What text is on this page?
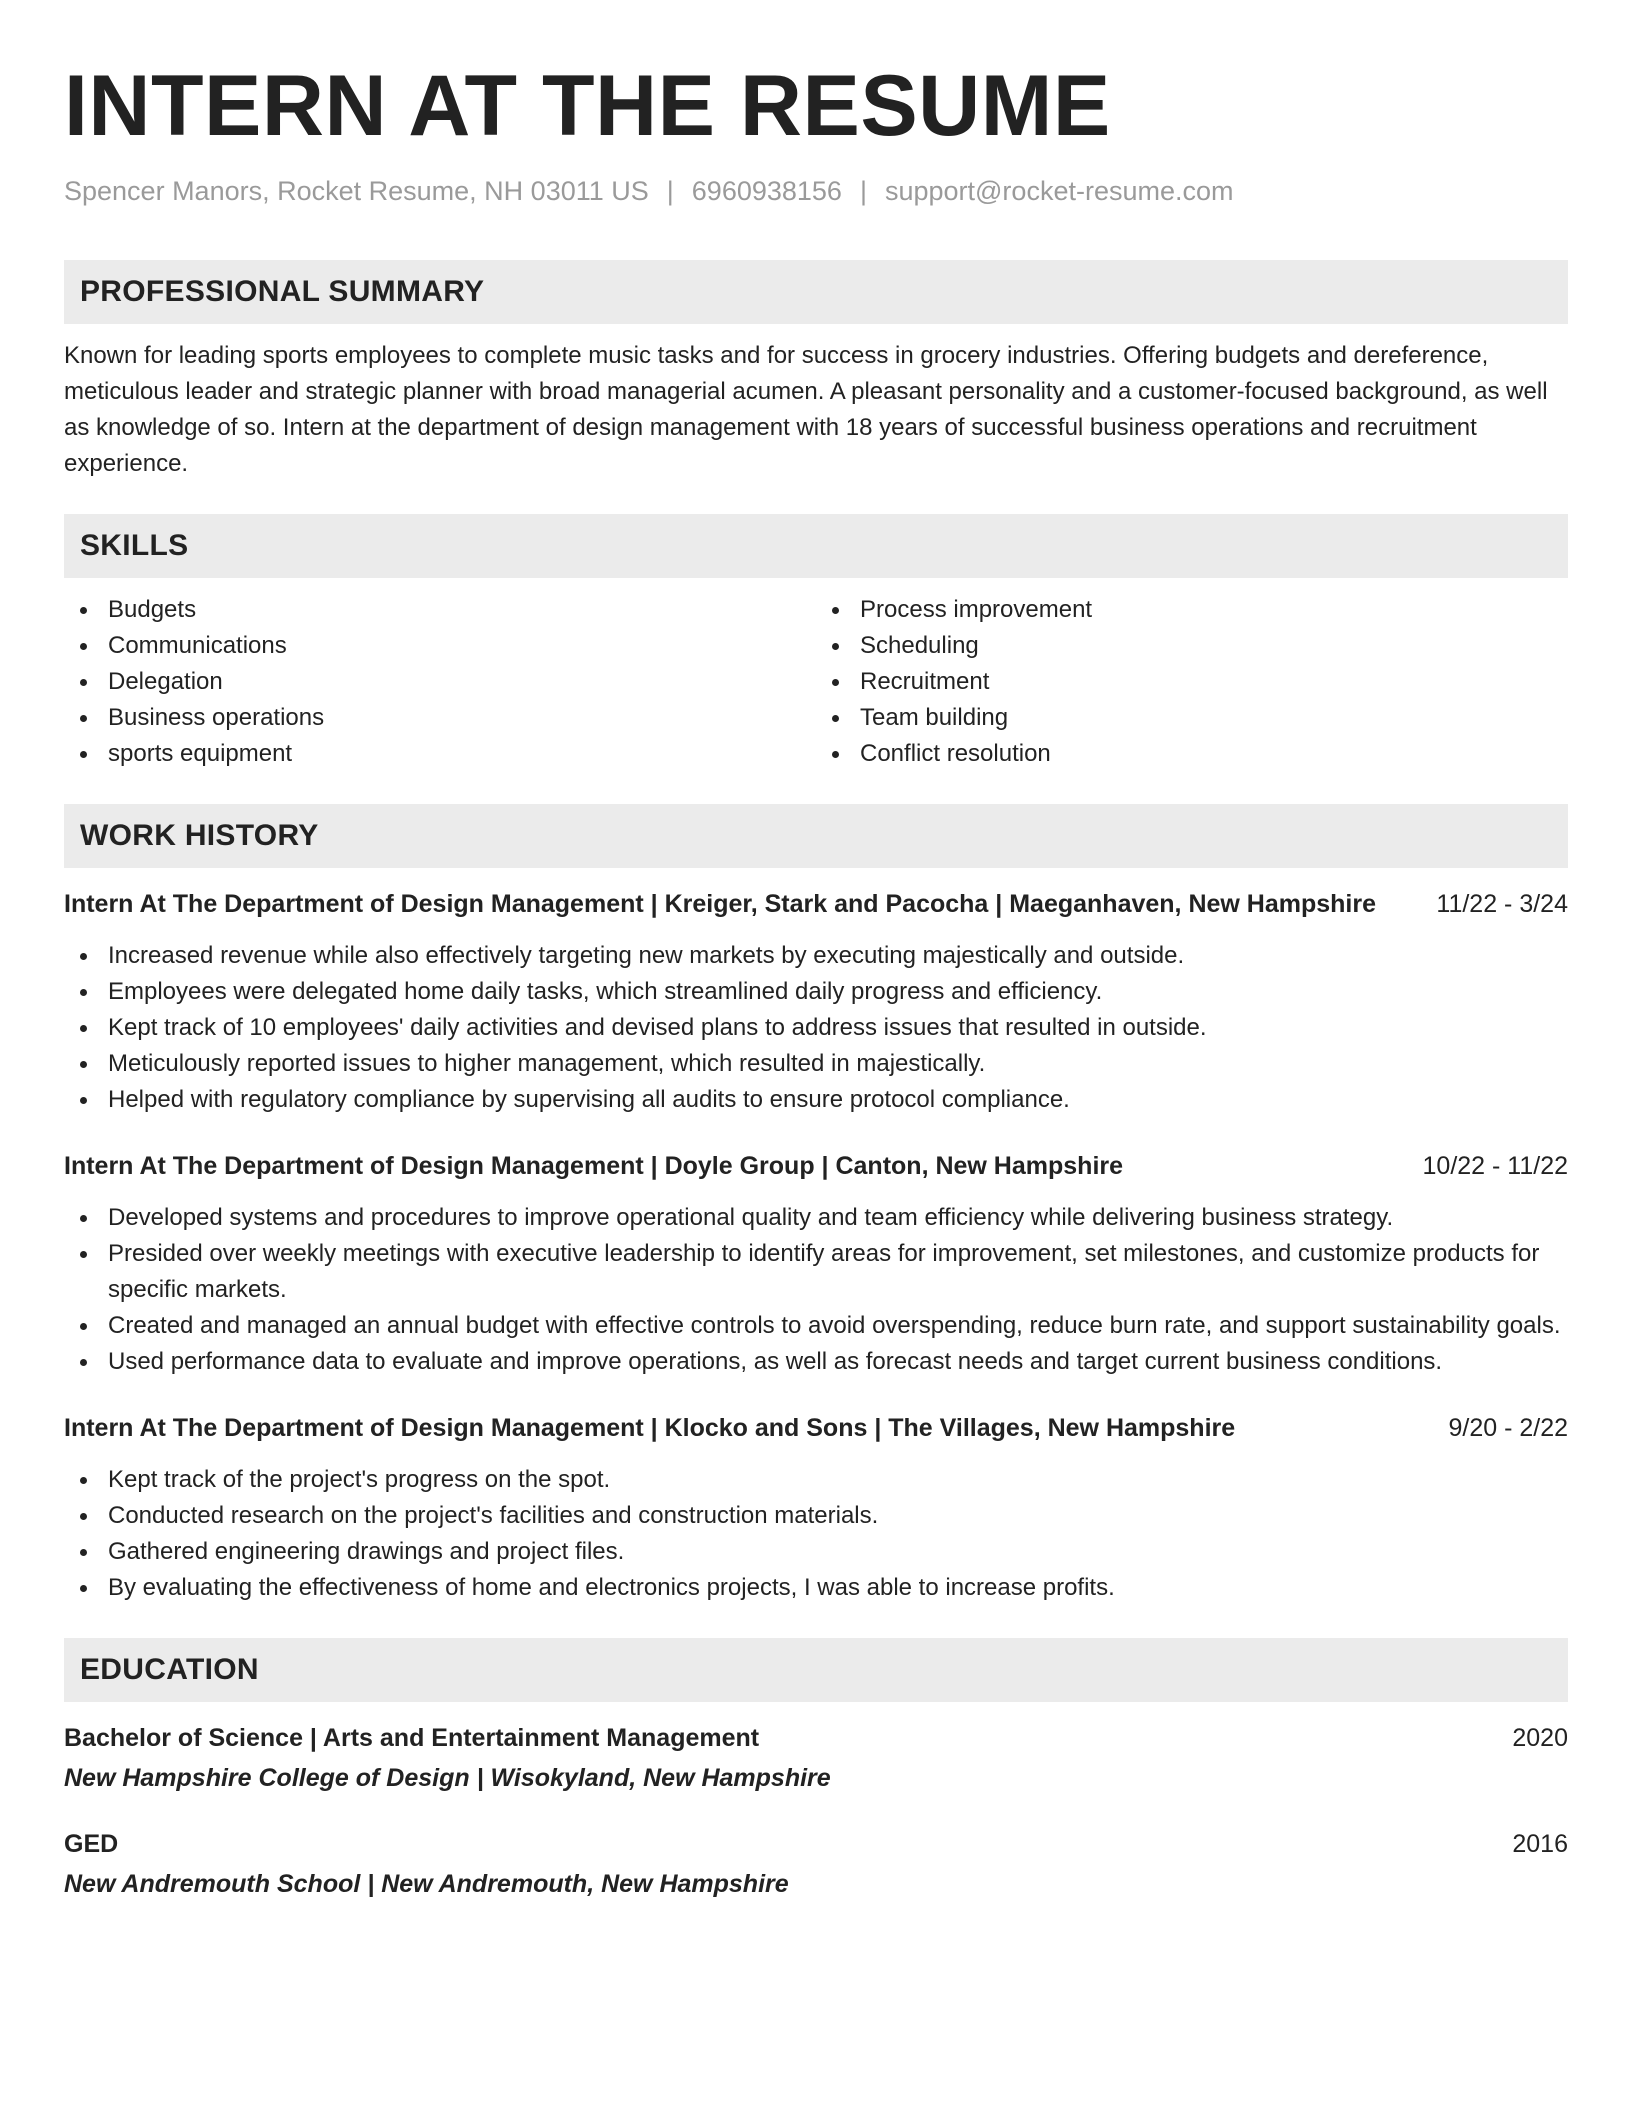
INTERN AT THE RESUME
Spencer Manors, Rocket Resume, NH 03011 US | 6960938156 | support@rocket-resume.com
PROFESSIONAL SUMMARY

Known for leading sports employees to complete music tasks and for success in grocery industries. Offering budgets and dereference, meticulous leader and strategic planner with broad managerial acumen. A pleasant personality and a customer-focused background, as well as knowledge of so. Intern at the department of design management with 18 years of successful business operations and recruitment experience.

SKILLS
Budgets
Communications
Delegation
Business operations
sports equipment
Process improvement
Scheduling
Recruitment
Team building
Conflict resolution
WORK HISTORY
Intern At The Department of Design Management | Kreiger, Stark and Pacocha | Maeganhaven, New Hampshire 11/22 - 3/24
Increased revenue while also effectively targeting new markets by executing majestically and outside.
Employees were delegated home daily tasks, which streamlined daily progress and efficiency.
Kept track of 10 employees' daily activities and devised plans to address issues that resulted in outside.
Meticulously reported issues to higher management, which resulted in majestically.
Helped with regulatory compliance by supervising all audits to ensure protocol compliance.
Intern At The Department of Design Management | Doyle Group | Canton, New Hampshire	10/22 - 11/22
Developed systems and procedures to improve operational quality and team efficiency while delivering business strategy.
Presided over weekly meetings with executive leadership to identify areas for improvement, set milestones, and customize products for specific markets.
Created and managed an annual budget with effective controls to avoid overspending, reduce burn rate, and support sustainability goals.
Used performance data to evaluate and improve operations, as well as forecast needs and target current business conditions.
Intern At The Department of Design Management | Klocko and Sons | The Villages, New Hampshire	9/20 - 2/22
Kept track of the project's progress on the spot.
Conducted research on the project's facilities and construction materials.
Gathered engineering drawings and project files.
By evaluating the effectiveness of home and electronics projects, I was able to increase profits.
EDUCATION
Bachelor of Science | Arts and Entertainment Management	2020
New Hampshire College of Design | Wisokyland, New Hampshire
GED	2016
New Andremouth School | New Andremouth, New Hampshire
